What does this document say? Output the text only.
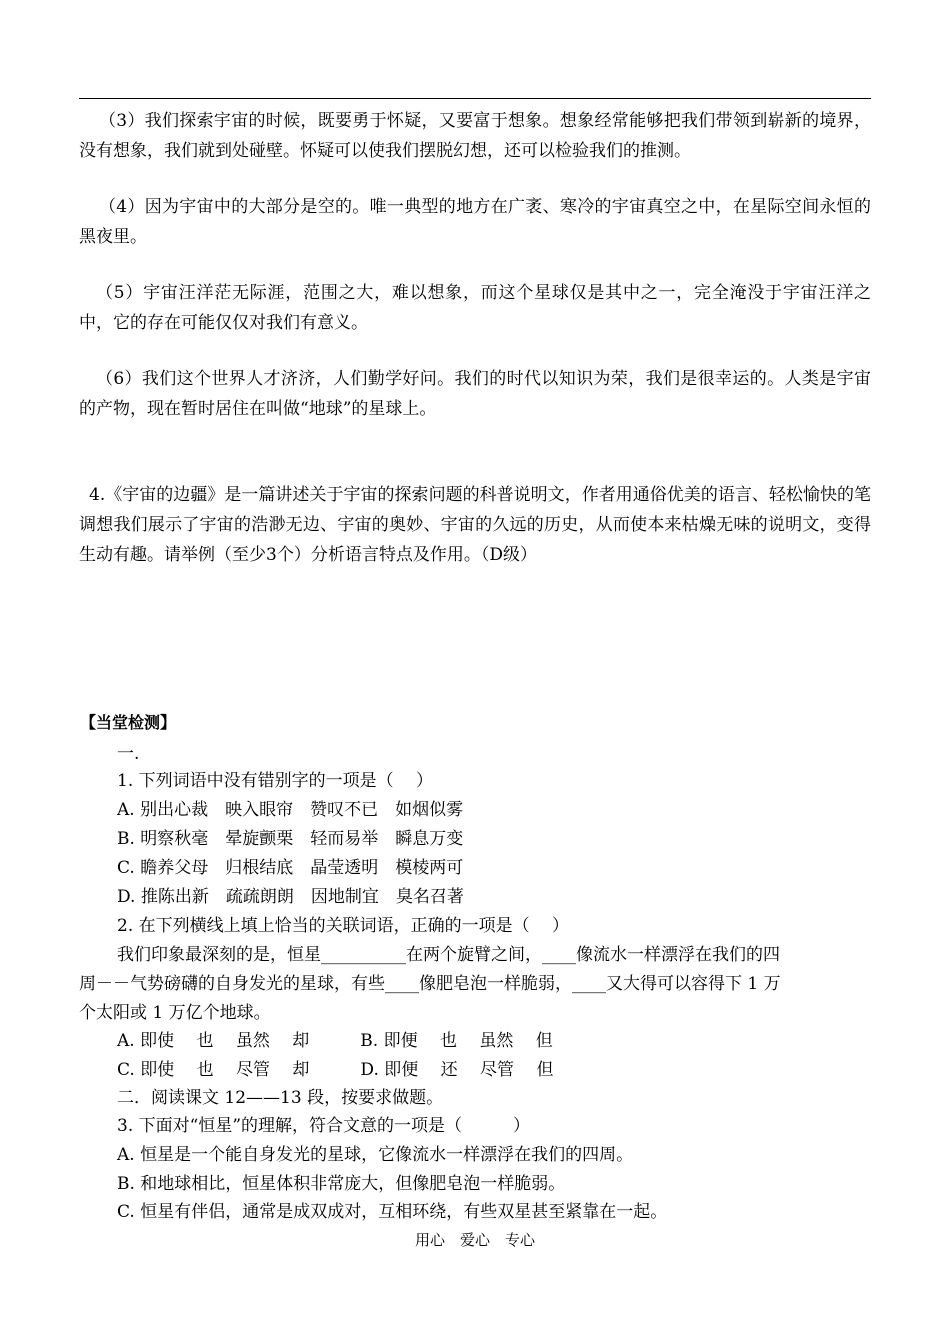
（3）我们探索宇宙的时候，既要勇于怀疑，又要富于想象。想象经常能够把我们带领到崭新的境界，没有想象，我们就到处碰壁。怀疑可以使我们摆脱幻想，还可以检验我们的推测。
（4）因为宇宙中的大部分是空的。唯一典型的地方在广袤、寒冷的宇宙真空之中，在星际空间永恒的黑夜里。
（5）宇宙汪洋茫无际涯，范围之大，难以想象，而这个星球仅是其中之一，完全淹没于宇宙汪洋之中，它的存在可能仅仅对我们有意义。
（6）我们这个世界人才济济，人们勤学好问。我们的时代以知识为荣，我们是很幸运的。人类是宇宙的产物，现在暂时居住在叫做“地球”的星球上。
4.《宇宙的边疆》是一篇讲述关于宇宙的探索问题的科普说明文，作者用通俗优美的语言、轻松愉快的笔调想我们展示了宇宙的浩渺无边、宇宙的奥妙、宇宙的久远的历史，从而使本来枯燥无味的说明文，变得生动有趣。请举例（至少3个）分析语言特点及作用。（D级）
【当堂检测】
一.
1. 下列词语中没有错别字的一项是（　 ）
A. 别出心裁　映入眼帘　赞叹不已　如烟似雾
B. 明察秋毫　晕旋颤栗　轻而易举　瞬息万变
C. 瞻养父母　归根结底　晶莹透明　模棱两可
D. 推陈出新　疏疏朗朗　因地制宜　臭名召著
2. 在下列横线上填上恰当的关联词语，正确的一项是（　 ）
我们印象最深刻的是，恒星__________在两个旋臂之间，____像流水一样漂浮在我们的四
周－－气势磅礴的自身发光的星球，有些____像肥皂泡一样脆弱，____又大得可以容得下 1 万
个太阳或 1 万亿个地球。
A. 即使　 也　 虽然　 却　　　B. 即便　 也　 虽然　 但
C. 即使　 也　 尽管　 却　　　D. 即便　 还　 尽管　 但
二．阅读课文 12——13 段，按要求做题。
3. 下面对“恒星”的理解，符合文意的一项是（　　　）
A. 恒星是一个能自身发光的星球，它像流水一样漂浮在我们的四周。
B. 和地球相比，恒星体积非常庞大，但像肥皂泡一样脆弱。
C. 恒星有伴侣，通常是成双成对，互相环绕，有些双星甚至紧靠在一起。
用心　爱心　专心
